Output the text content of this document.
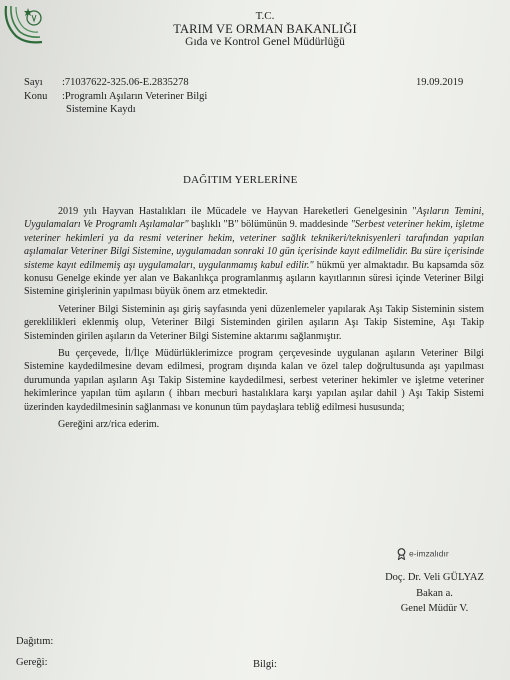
T.C.
TARIM VE ORMAN BAKANLIĞI
Gıda ve Kontrol Genel Müdürlüğü
Sayı :71037622-325.06-E.2835278	19.09.2019
Konu :Programlı Aşıların Veteriner Bilgi
Sistemine Kaydı
DAĞITIM YERLERİNE

2019 yılı Hayvan Hastalıkları ile Mücadele ve Hayvan Hareketleri Genelgesinin "Aşıların Temini, Uygulamaları Ve Programlı Aşılamalar" başlıklı "B" bölümünün 9. maddesinde "Serbest veteriner hekim, işletme veteriner hekimleri ya da resmi veteriner hekim, veteriner sağlık teknikeri/teknisyenleri tarafından yapılan aşılamalar Veteriner Bilgi Sistemine, uygulamadan sonraki 10 gün içerisinde kayıt edilmelidir. Bu süre içerisinde sisteme kayıt edilmemiş aşı uygulamaları, uygulanmamış kabul edilir." hükmü yer almaktadır. Bu kapsamda söz konusu Genelge ekinde yer alan ve Bakanlıkça programlanmış aşıların kayıtlarının süresi içinde Veteriner Bilgi Sistemine girişlerinin yapılması büyük önem arz etmektedir.

Veteriner Bilgi Sisteminin aşı giriş sayfasında yeni düzenlemeler yapılarak Aşı Takip Sisteminin sistem gereklilikleri eklenmiş olup, Veteriner Bilgi Sisteminden girilen aşıların Aşı Takip Sistemine, Aşı Takip Sisteminden girilen aşıların da Veteriner Bilgi Sistemine aktarımı sağlanmıştır.

Bu çerçevede, İl/İlçe Müdürlüklerimizce program çerçevesinde uygulanan aşıların Veteriner Bilgi Sistemine kaydedilmesine devam edilmesi, program dışında kalan ve özel talep doğrultusunda aşı yapılması durumunda yapılan aşıların Aşı Takip Sistemine kaydedilmesi, serbest veteriner hekimler ve işletme veteriner hekimlerince yapılan tüm aşıların ( ihbarı mecburi hastalıklara karşı yapılan aşılar dahil ) Aşı Takip Sistemi üzerinden kaydedilmesinin sağlanması ve konunun tüm paydaşlara tebliğ edilmesi hususunda;

Gereğini arz/rica ederim.

e-imzalıdır
Doç. Dr. Veli GÜLYAZ
Bakan a.
Genel Müdür V.
Dağıtım:
Gereği:	Bilgi:
